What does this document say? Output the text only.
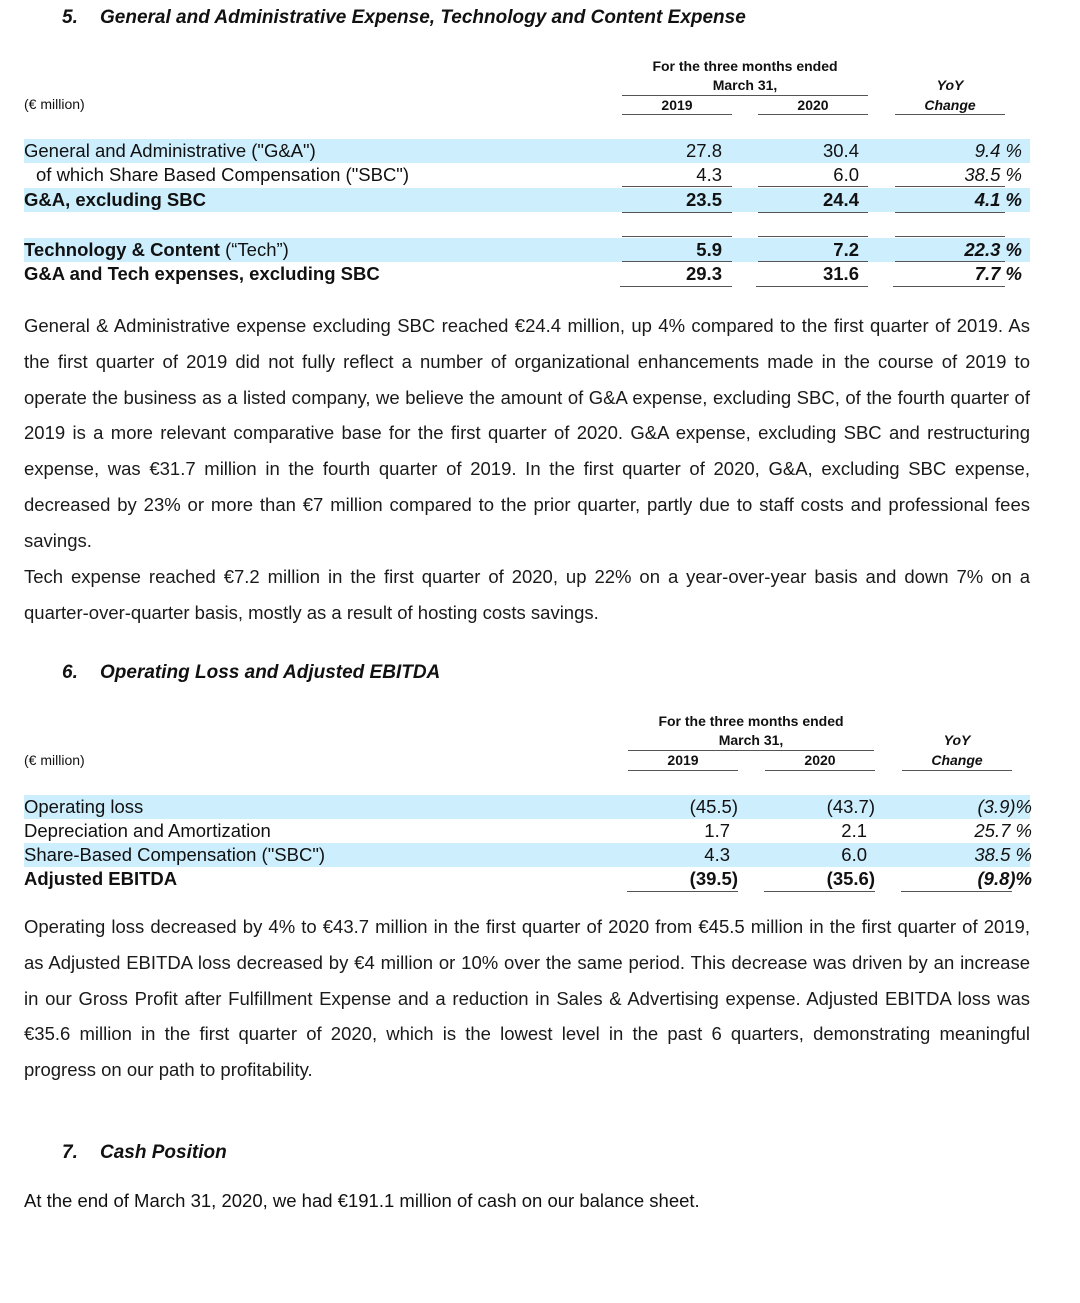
5. General and Administrative Expense, Technology and Content Expense
(€ million)
For the three months ended
March 31,
2019	2020
YoY
Change
General and Administrative ("G&A")	27.8	30.4	9.4 %
of which Share Based Compensation ("SBC")	4.3	6.0	38.5 %
G&A, excluding SBC	23.5	24.4	4.1 %
Technology & Content (“Tech”)	5.9	7.2	22.3 %
G&A and Tech expenses, excluding SBC	29.3	31.6	7.7 %
General & Administrative expense excluding SBC reached €24.4 million, up 4% compared to the first quarter of 2019. As the first quarter of 2019 did not fully reflect a number of organizational enhancements made in the course of 2019 to operate the business as a listed company, we believe the amount of G&A expense, excluding SBC, of the fourth quarter of 2019 is a more relevant comparative base for the first quarter of 2020. G&A expense, excluding SBC and restructuring expense, was €31.7 million in the fourth quarter of 2019. In the first quarter of 2020, G&A, excluding SBC expense, decreased by 23% or more than €7 million compared to the prior quarter, partly due to staff costs and professional fees savings.
Tech expense reached €7.2 million in the first quarter of 2020, up 22% on a year-over-year basis and down 7% on a quarter-over-quarter basis, mostly as a result of hosting costs savings.
6. Operating Loss and Adjusted EBITDA
(€ million)
For the three months ended
March 31,
2019	2020
YoY
Change
Operating loss	(45.5)	(43.7)	(3.9)%
Depreciation and Amortization	1.7	2.1	25.7 %
Share-Based Compensation ("SBC")	4.3	6.0	38.5 %
Adjusted EBITDA	(39.5)	(35.6)	(9.8)%
Operating loss decreased by 4% to €43.7 million in the first quarter of 2020 from €45.5 million in the first quarter of 2019, as Adjusted EBITDA loss decreased by €4 million or 10% over the same period. This decrease was driven by an increase in our Gross Profit after Fulfillment Expense and a reduction in Sales & Advertising expense. Adjusted EBITDA loss was €35.6 million in the first quarter of 2020, which is the lowest level in the past 6 quarters, demonstrating meaningful progress on our path to profitability.
7. Cash Position
At the end of March 31, 2020, we had €191.1 million of cash on our balance sheet.
